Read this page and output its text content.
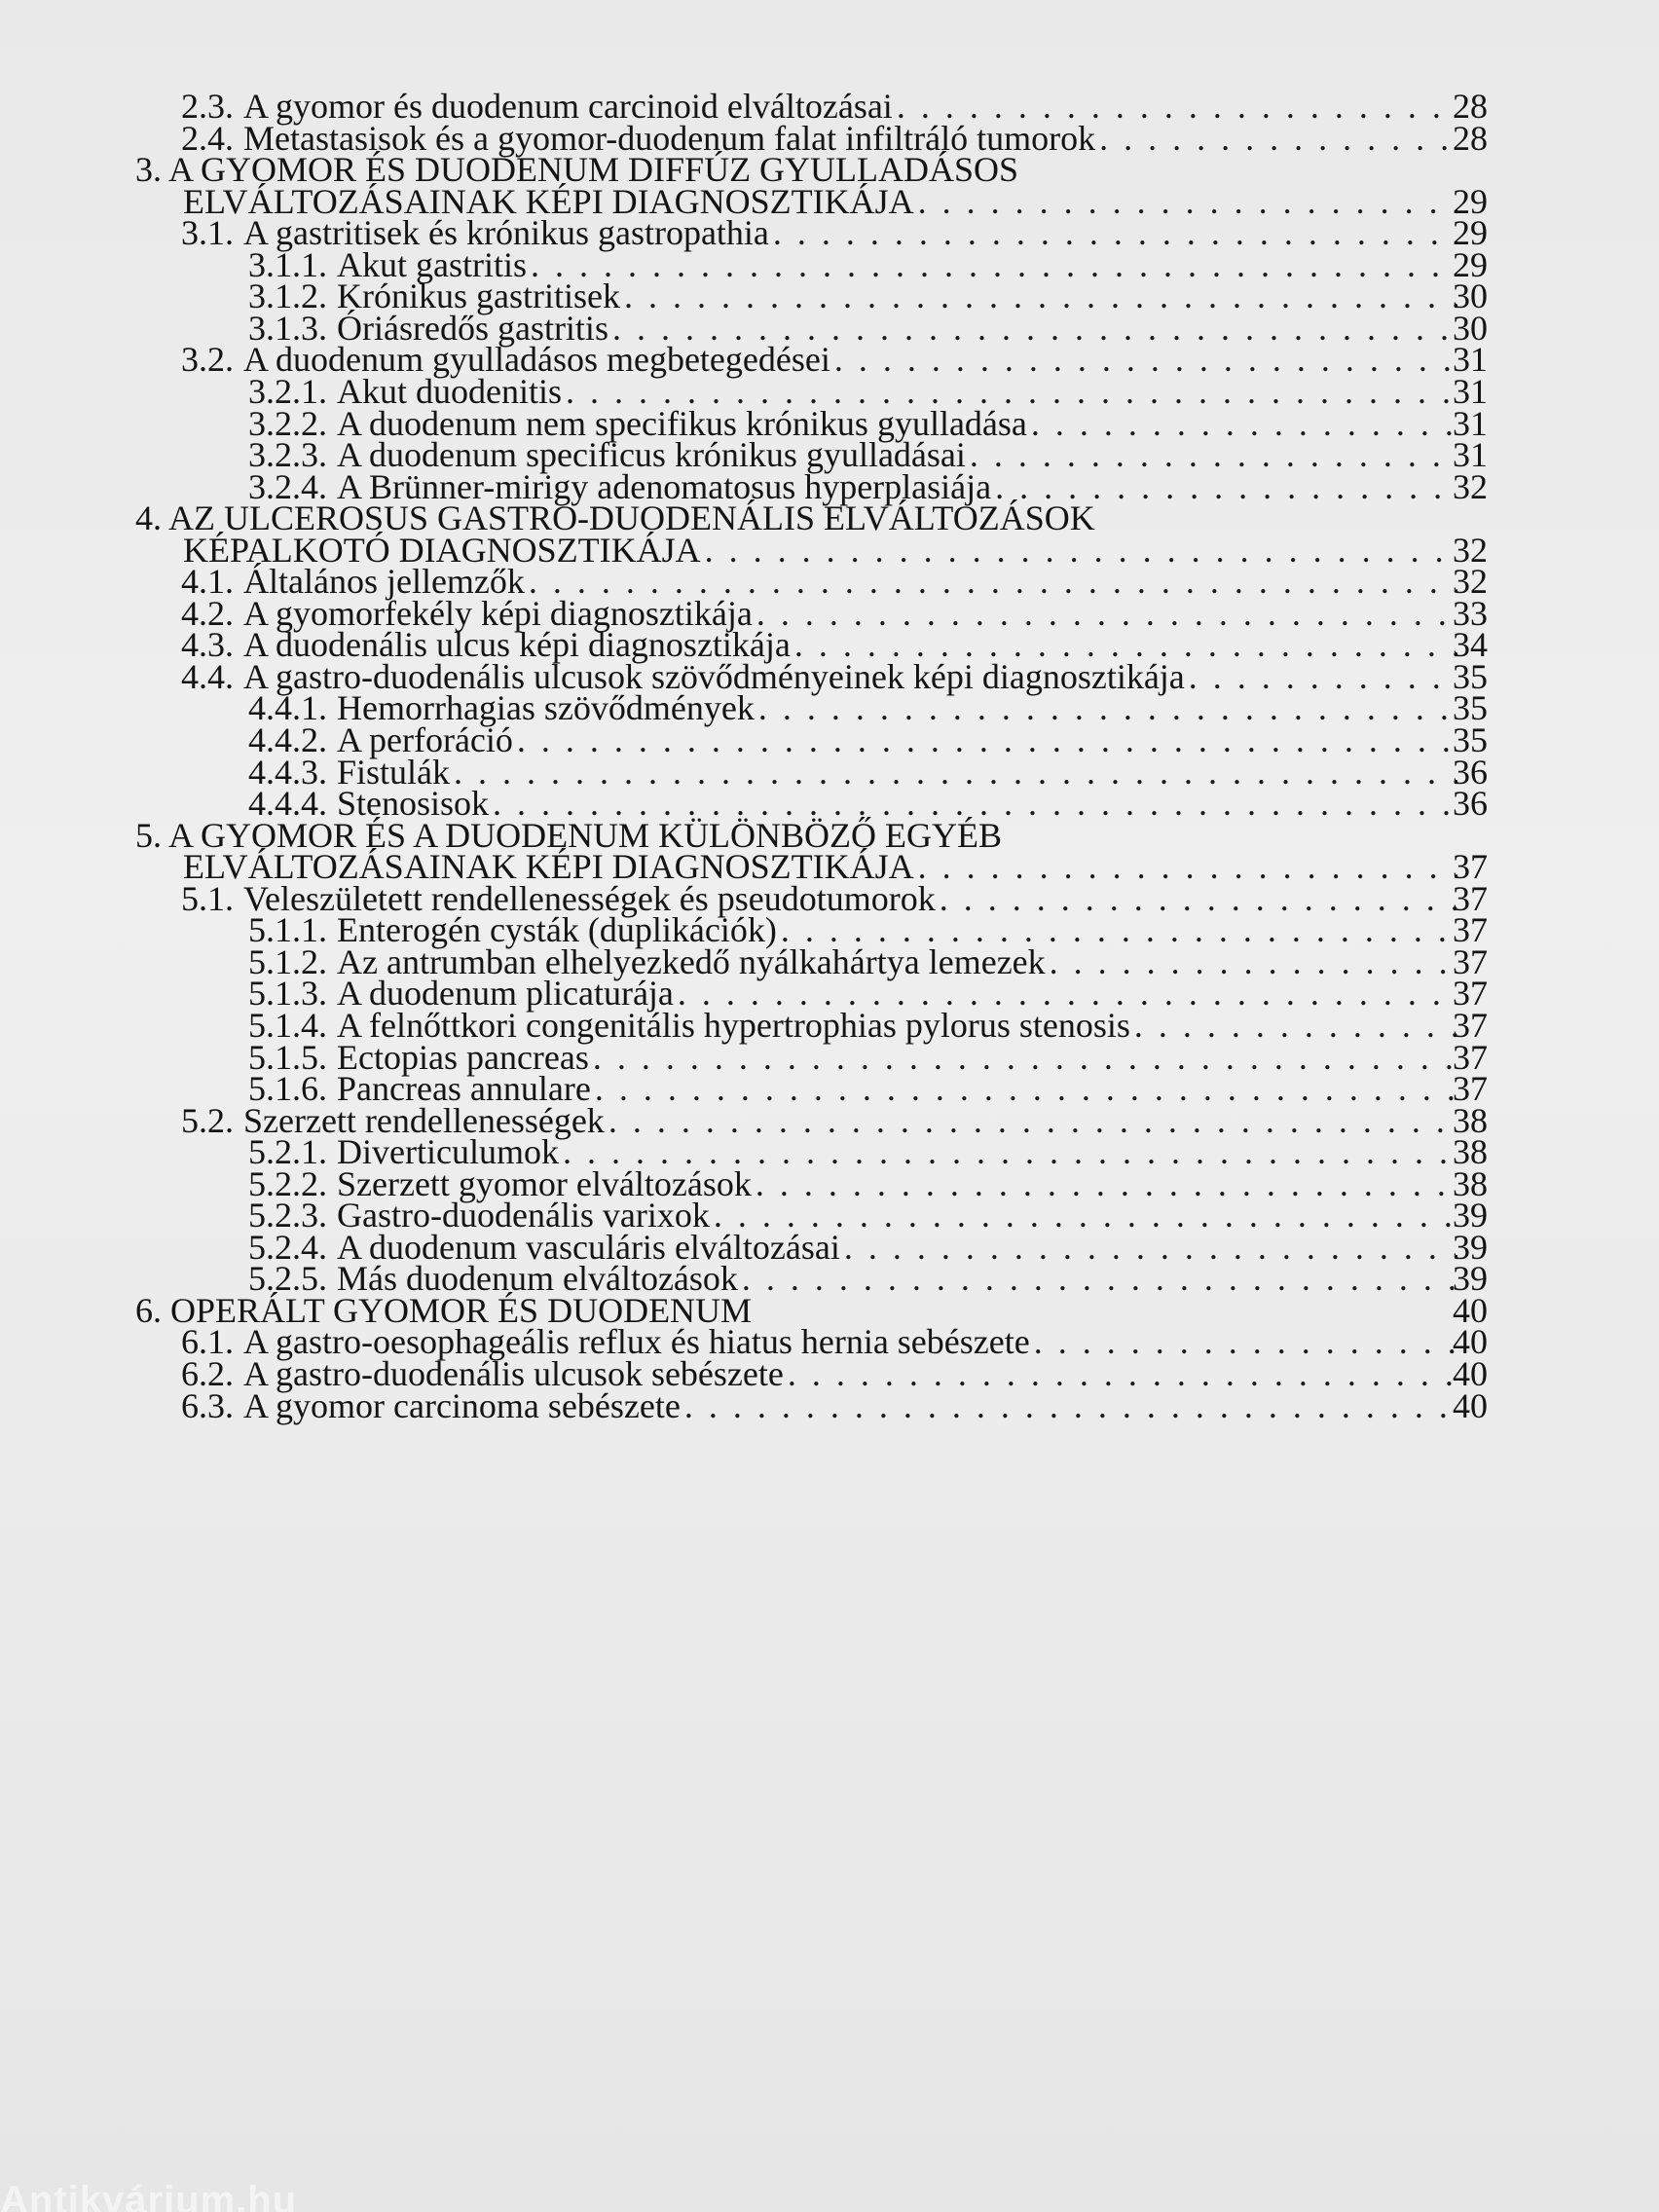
2.3. A gyomor és duodenum carcinoid elváltozásai . . .	28
2.4. Metastasisok és a gyomor-duodenum falat infiltráló tumorok . . .	28
3. A GYOMOR ÉS DUODENUM DIFFÚZ GYULLADÁSOS
ELVÁLTOZÁSAINAK KÉPI DIAGNOSZTIKÁJA . . .	29
3.1. A gastritisek és krónikus gastropathia . . .	29
3.1.1. Akut gastritis . . .	29
3.1.2. Krónikus gastritisek . . .	30
3.1.3. Óriásredős gastritis . . .	30
3.2. A duodenum gyulladásos megbetegedései . . .	31
3.2.1. Akut duodenitis . . .	31
3.2.2. A duodenum nem specifikus krónikus gyulladása . . .	31
3.2.3. A duodenum specificus krónikus gyulladásai . . .	31
3.2.4. A Brünner-mirigy adenomatosus hyperplasiája . . .	32
4. AZ ULCEROSUS GASTRO-DUODENÁLIS ELVÁLTOZÁSOK
KÉPALKOTÓ DIAGNOSZTIKÁJA . . .	32
4.1. Általános jellemzők . . .	32
4.2. A gyomorfekély képi diagnosztikája . . .	33
4.3. A duodenális ulcus képi diagnosztikája . . .	34
4.4. A gastro-duodenális ulcusok szövődményeinek képi diagnosztikája . . .	35
4.4.1. Hemorrhagias szövődmények . . .	35
4.4.2. A perforáció . . .	35
4.4.3. Fistulák . . .	36
4.4.4. Stenosisok . . .	36
5. A GYOMOR ÉS A DUODENUM KÜLÖNBÖZŐ EGYÉB
ELVÁLTOZÁSAINAK KÉPI DIAGNOSZTIKÁJA . . .	37
5.1. Veleszületett rendellenességek és pseudotumorok . . .	37
5.1.1. Enterogén cysták (duplikációk) . . .	37
5.1.2. Az antrumban elhelyezkedő nyálkahártya lemezek . . .	37
5.1.3. A duodenum plicaturája . . .	37
5.1.4. A felnőttkori congenitális hypertrophias pylorus stenosis . . .	37
5.1.5. Ectopias pancreas . . .	37
5.1.6. Pancreas annulare . . .	37
5.2. Szerzett rendellenességek . . .	38
5.2.1. Diverticulumok . . .	38
5.2.2. Szerzett gyomor elváltozások . . .	38
5.2.3. Gastro-duodenális varixok . . .	39
5.2.4. A duodenum vasculáris elváltozásai . . .	39
5.2.5. Más duodenum elváltozások . . .	39
6. OPERÁLT GYOMOR ÉS DUODENUM	40
6.1. A gastro-oesophageális reflux és hiatus hernia sebészete . . .	40
6.2. A gastro-duodenális ulcusok sebészete . . .	40
6.3. A gyomor carcinoma sebészete . . .	40
Antikvárium.hu
